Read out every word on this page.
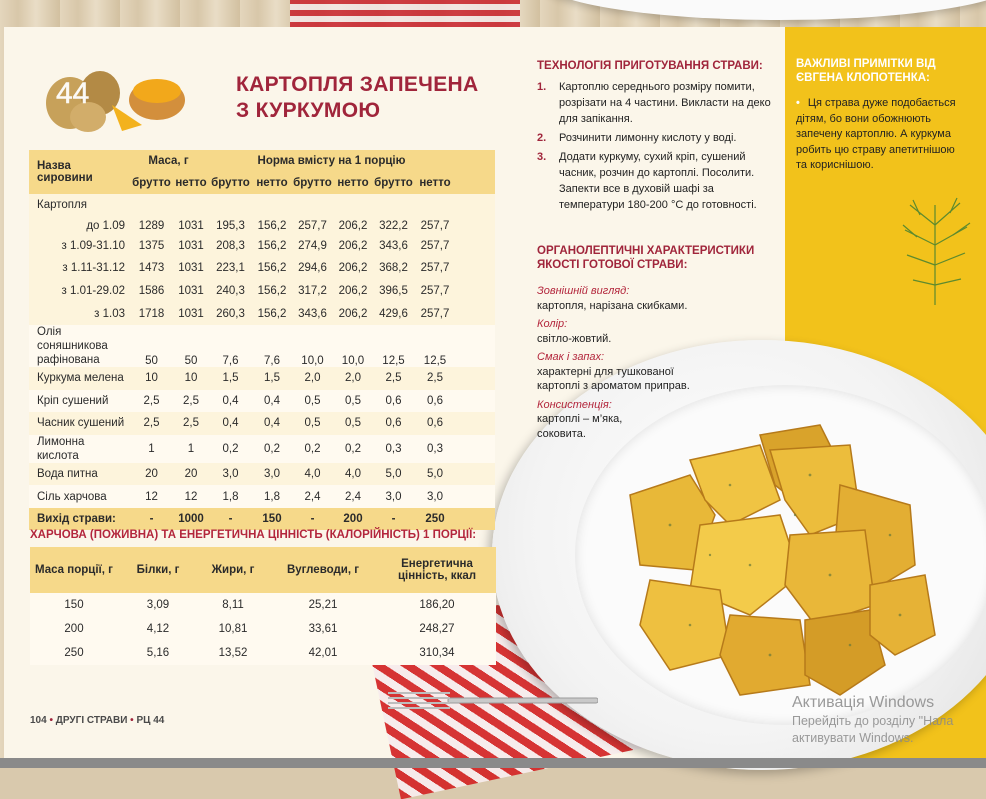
44	КАРТОПЛЯ ЗАПЕЧЕНА
З КУРКУМОЮ
Назва сировини	Маса, г		Норма вмісту на 1 порцію						
	брутто	нетто	брутто	нетто	брутто	нетто	брутто	нетто	
Картопля									
до 1.09	1289	1031	195,3	156,2	257,7	206,2	322,2	257,7	
з 1.09-31.10	1375	1031	208,3	156,2	274,9	206,2	343,6	257,7	
з 1.11-31.12	1473	1031	223,1	156,2	294,6	206,2	368,2	257,7	
з 1.01-29.02	1586	1031	240,3	156,2	317,2	206,2	396,5	257,7	
з 1.03	1718	1031	260,3	156,2	343,6	206,2	429,6	257,7	

Олія соняшникова
рафінована	50	50	7,6	7,6	10,0	10,0	12,5	12,5	

Куркума мелена	10	10	1,5	1,5	2,0	2,0	2,5	2,5	

Кріп сушений	2,5	2,5	0,4	0,4	0,5	0,5	0,6	0,6	

Часник сушений	2,5	2,5	0,4	0,4	0,5	0,5	0,6	0,6	

Лимонна кислота	1	1	0,2	0,2	0,2	0,2	0,3	0,3	

Вода питна	20	20	3,0	3,0	4,0	4,0	5,0	5,0	

Сіль харчова	12	12	1,8	1,8	2,4	2,4	3,0	3,0	
Вихід страви:	-	1000	-	150	-	200	-	250	
ХАРЧОВА (ПОЖИВНА) ТА ЕНЕРГЕТИЧНА ЦІННІСТЬ (КАЛОРІЙНІСТЬ) 1 ПОРЦІЇ:
Маса порції, г	Білки, г	Жири, г	Вуглеводи, г	Енергетична цінність, ккал
150	3,09	8,11	25,21	186,20
200	4,12	10,81	33,61	248,27
250	5,16	13,52	42,01	310,34
104 • ДРУГІ СТРАВИ • РЦ 44
ТЕХНОЛОГІЯ ПРИГОТУВАННЯ СТРАВИ:
1. Картоплю середнього розміру помити, розрізати на 4 частини. Викласти на деко для запікання.
2. Розчинити лимонну кислоту у воді.
3. Додати куркуму, сухий кріп, сушений часник, розчин до картоплі. Посолити. Запекти все в духовій шафі за температури 180-200 °С до готовності.
ОРГАНОЛЕПТИЧНІ ХАРАКТЕРИСТИКИ
ЯКОСТІ ГОТОВОЇ СТРАВИ:
Зовнішній вигляд:
картопля, нарізана скибками.
Колір:
світло-жовтий.
Смак і запах:
характерні для тушкованої картоплі з ароматом приправ.
Консистенція:
картоплі – м’яка, соковита.
ВАЖЛИВІ ПРИМІТКИ ВІД
ЄВГЕНА КЛОПОТЕНКА:
• Ця страва дуже подобається дітям, бо вони обожнюють запечену картоплю. А куркума робить цю страву апетитнішою та кориснішою.
Активація Windows
Перейдіть до розділу "Нала
активувати Windows.
